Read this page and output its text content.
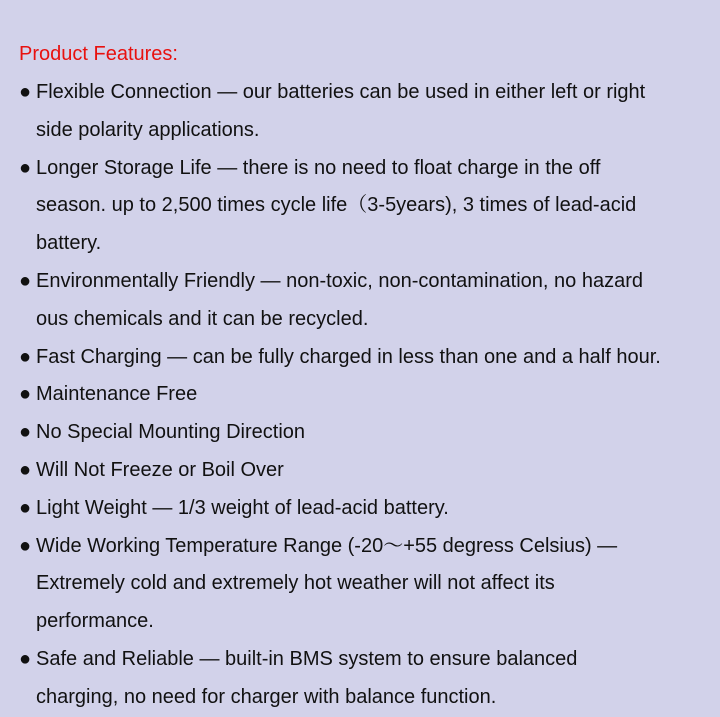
Product Features:
● Flexible Connection — our batteries can be used in either left or right
side polarity applications.
● Longer Storage Life — there is no need to float charge in the off
season. up to 2,500 times cycle life（3-5years), 3 times of lead-acid
battery.
● Environmentally Friendly — non-toxic, non-contamination, no hazard
ous chemicals and it can be recycled.
● Fast Charging — can be fully charged in less than one and a half hour.
● Maintenance Free
● No Special Mounting Direction
● Will Not Freeze or Boil Over
● Light Weight — 1/3 weight of lead-acid battery.
● Wide Working Temperature Range (-20～+55 degress Celsius) —
Extremely cold and extremely hot weather will not affect its
performance.
● Safe and Reliable — built-in BMS system to ensure balanced
charging, no need for charger with balance function.
